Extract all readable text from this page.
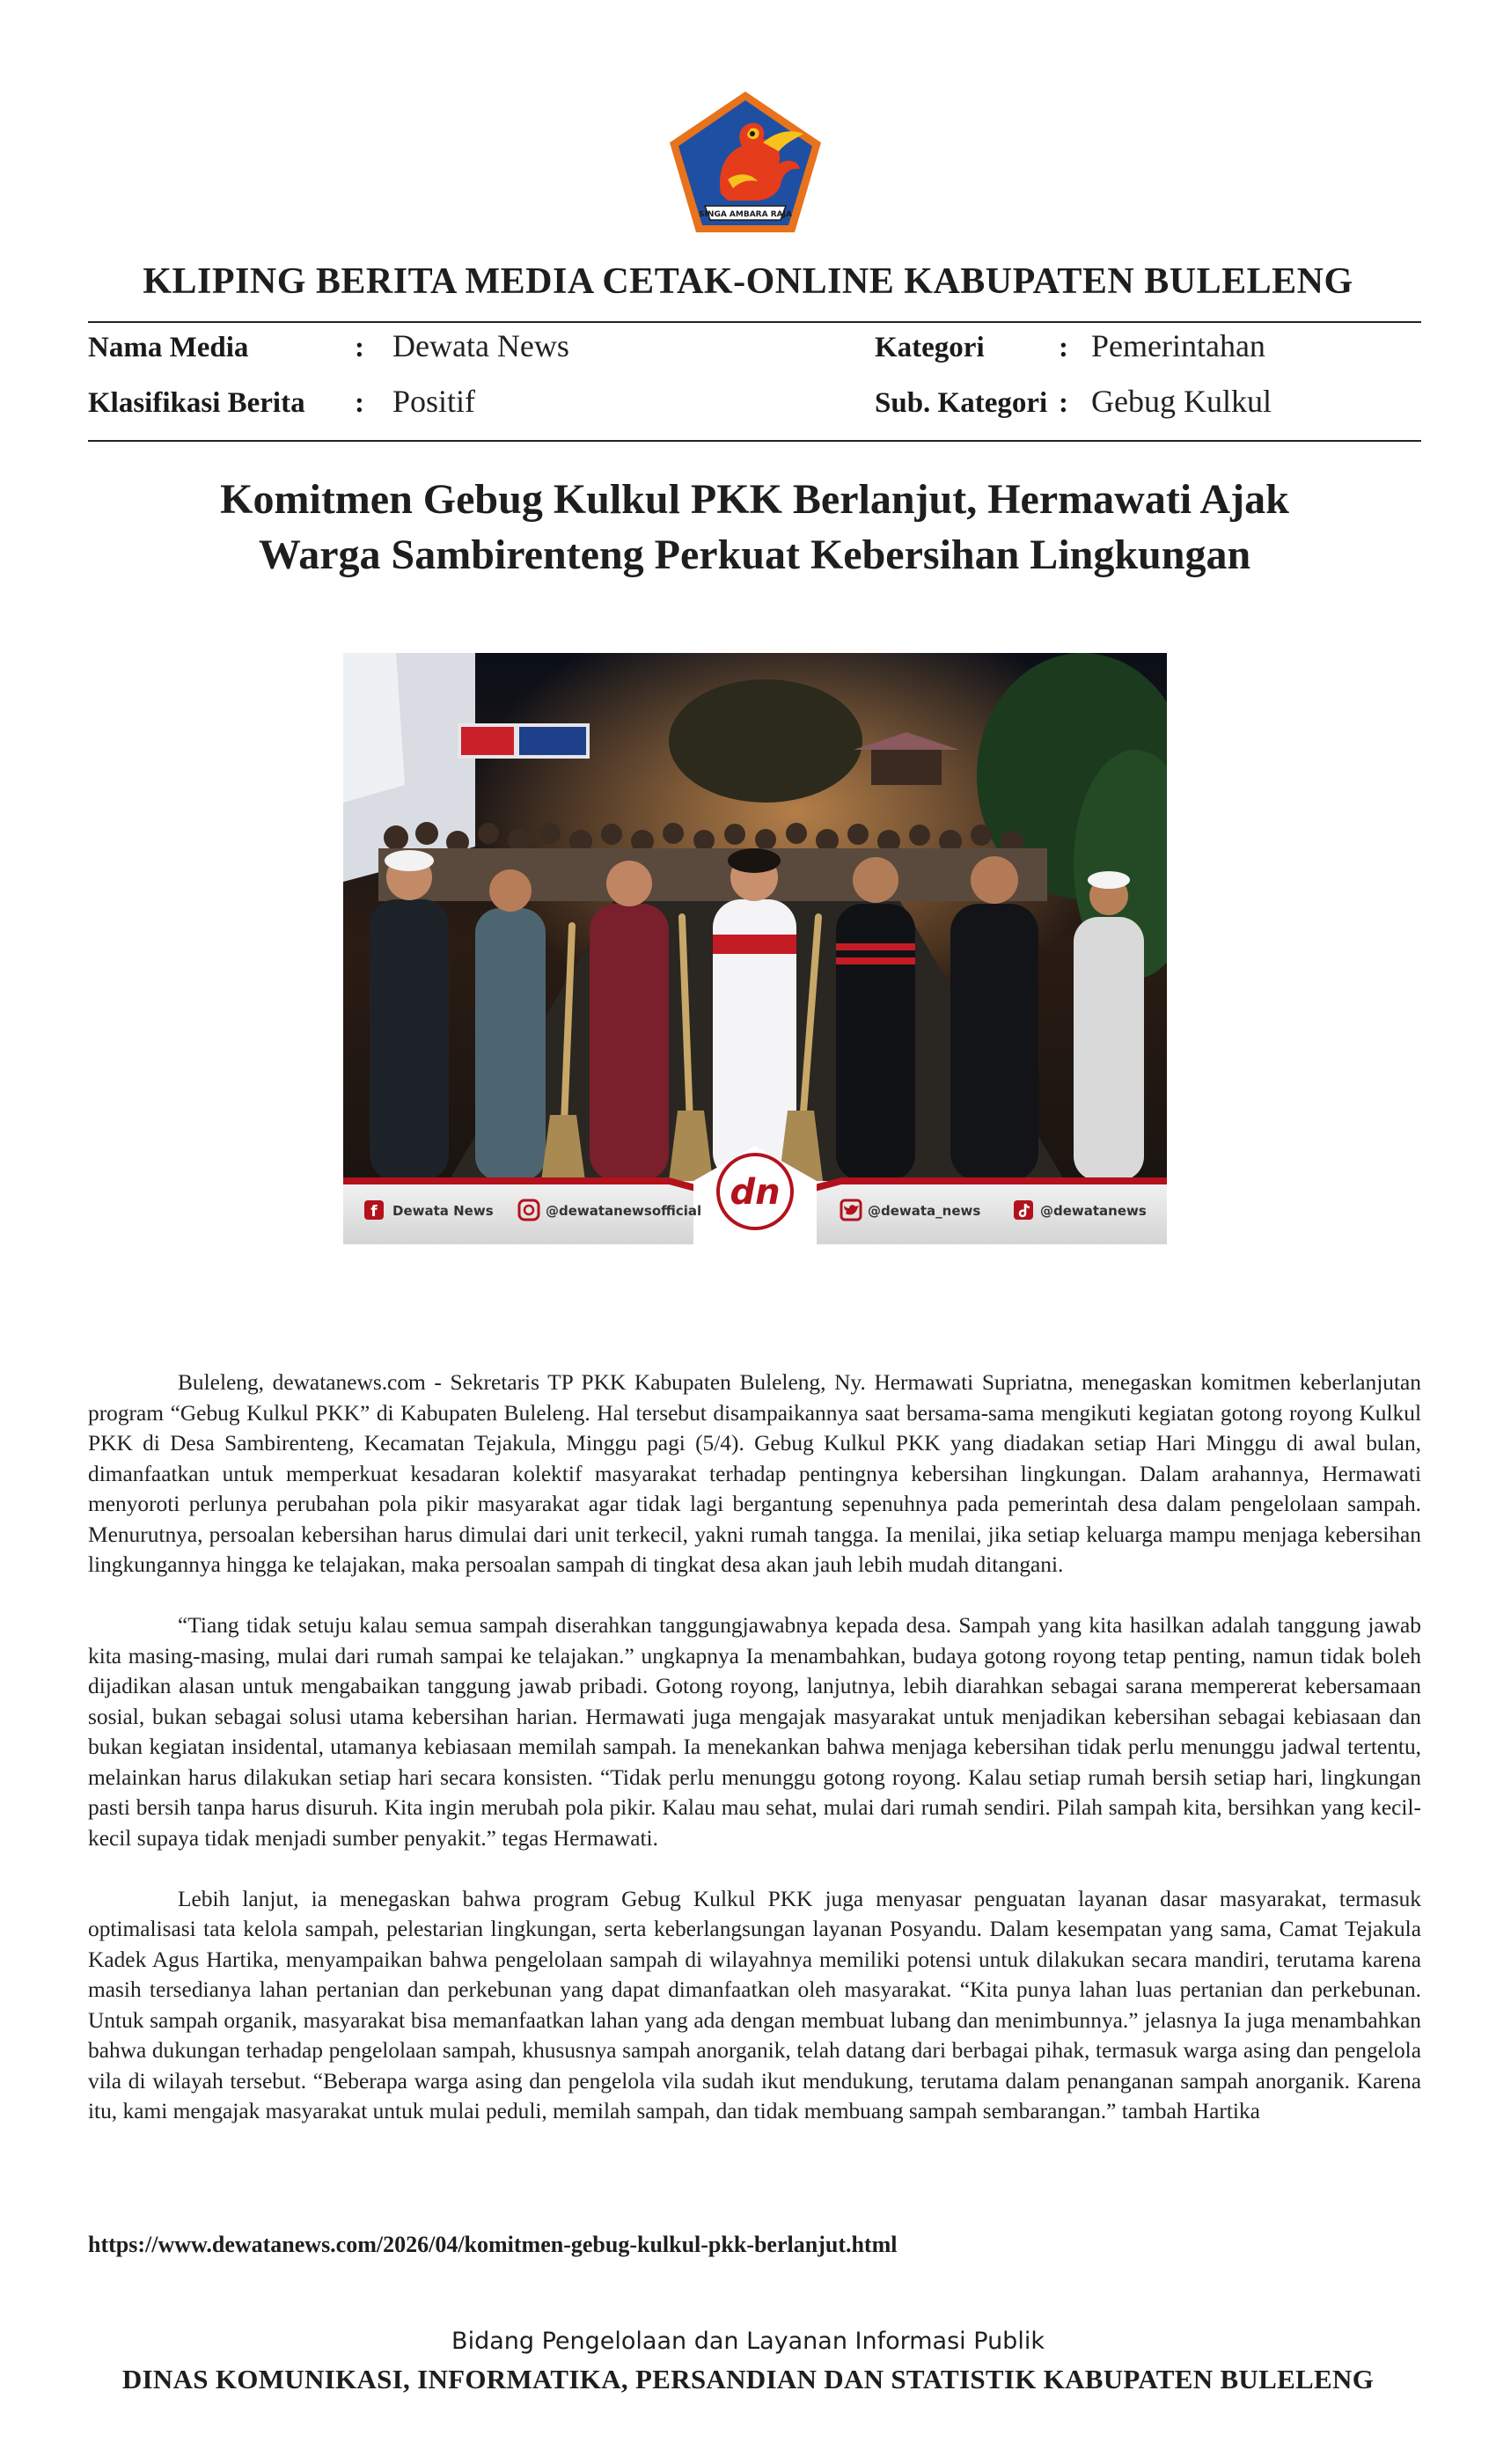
SINGA AMBARA RAJA
KLIPING BERITA MEDIA CETAK-ONLINE KABUPATEN BULELENG
Nama Media	: Dewata News
Klasifikasi Berita : Positif
Kategori	: Pemerintahan
Sub. Kategori : Gebug Kulkul
Komitmen Gebug Kulkul PKK Berlanjut, Hermawati Ajak
Warga Sambirenteng Perkuat Kebersihan Lingkungan
dn
f Dewata News	@dewatanewsofficial	@dewata_news	@dewatanews

Buleleng, dewatanews.com - Sekretaris TP PKK Kabupaten Buleleng, Ny. Hermawati Supriatna, menegaskan komitmen keberlanjutan program “Gebug Kulkul PKK” di Kabupaten Buleleng. Hal tersebut disampaikannya saat bersama-sama mengikuti kegiatan gotong royong Kulkul PKK di Desa Sambirenteng, Kecamatan Tejakula, Minggu pagi (5/4). Gebug Kulkul PKK yang diadakan setiap Hari Minggu di awal bulan, dimanfaatkan untuk memperkuat kesadaran kolektif masyarakat terhadap pentingnya kebersihan lingkungan. Dalam arahannya, Hermawati menyoroti perlunya perubahan pola pikir masyarakat agar tidak lagi bergantung sepenuhnya pada pemerintah desa dalam pengelolaan sampah. Menurutnya, persoalan kebersihan harus dimulai dari unit terkecil, yakni rumah tangga. Ia menilai, jika setiap keluarga mampu menjaga kebersihan lingkungannya hingga ke telajakan, maka persoalan sampah di tingkat desa akan jauh lebih mudah ditangani.

“Tiang tidak setuju kalau semua sampah diserahkan tanggungjawabnya kepada desa. Sampah yang kita hasilkan adalah tanggung jawab kita masing-masing, mulai dari rumah sampai ke telajakan.” ungkapnya Ia menambahkan, budaya gotong royong tetap penting, namun tidak boleh dijadikan alasan untuk mengabaikan tanggung jawab pribadi. Gotong royong, lanjutnya, lebih diarahkan sebagai sarana mempererat kebersamaan sosial, bukan sebagai solusi utama kebersihan harian. Hermawati juga mengajak masyarakat untuk menjadikan kebersihan sebagai kebiasaan dan bukan kegiatan insidental, utamanya kebiasaan memilah sampah. Ia menekankan bahwa menjaga kebersihan tidak perlu menunggu jadwal tertentu, melainkan harus dilakukan setiap hari secara konsisten. “Tidak perlu menunggu gotong royong. Kalau setiap rumah bersih setiap hari, lingkungan pasti bersih tanpa harus disuruh. Kita ingin merubah pola pikir. Kalau mau sehat, mulai dari rumah sendiri. Pilah sampah kita, bersihkan yang kecil-kecil supaya tidak menjadi sumber penyakit.” tegas Hermawati.

Lebih lanjut, ia menegaskan bahwa program Gebug Kulkul PKK juga menyasar penguatan layanan dasar masyarakat, termasuk optimalisasi tata kelola sampah, pelestarian lingkungan, serta keberlangsungan layanan Posyandu. Dalam kesempatan yang sama, Camat Tejakula Kadek Agus Hartika, menyampaikan bahwa pengelolaan sampah di wilayahnya memiliki potensi untuk dilakukan secara mandiri, terutama karena masih tersedianya lahan pertanian dan perkebunan yang dapat dimanfaatkan oleh masyarakat. “Kita punya lahan luas pertanian dan perkebunan. Untuk sampah organik, masyarakat bisa memanfaatkan lahan yang ada dengan membuat lubang dan menimbunnya.” jelasnya Ia juga menambahkan bahwa dukungan terhadap pengelolaan sampah, khususnya sampah anorganik, telah datang dari berbagai pihak, termasuk warga asing dan pengelola vila di wilayah tersebut. “Beberapa warga asing dan pengelola vila sudah ikut mendukung, terutama dalam penanganan sampah anorganik. Karena itu, kami mengajak masyarakat untuk mulai peduli, memilah sampah, dan tidak membuang sampah sembarangan.” tambah Hartika

https://www.dewatanews.com/2026/04/komitmen-gebug-kulkul-pkk-berlanjut.html
Bidang Pengelolaan dan Layanan Informasi Publik
DINAS KOMUNIKASI, INFORMATIKA, PERSANDIAN DAN STATISTIK KABUPATEN BULELENG
